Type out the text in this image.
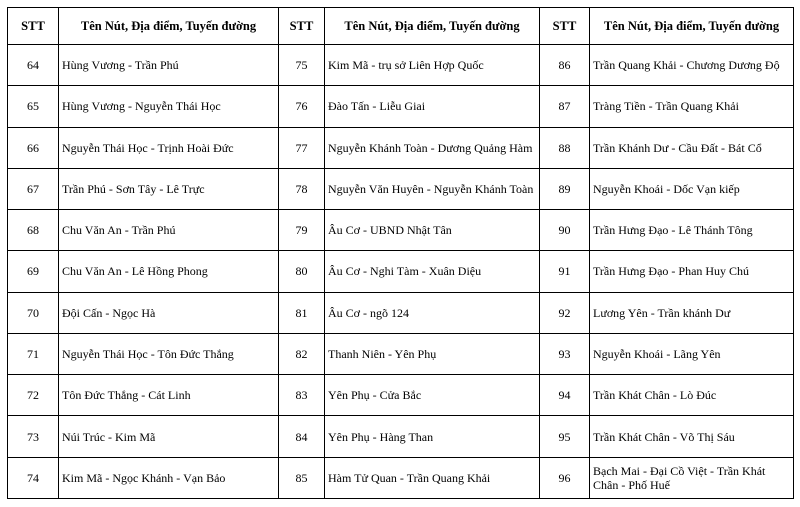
STT	Tên Nút, Địa điểm, Tuyến đường	STT	Tên Nút, Địa điểm, Tuyến đường	STT	Tên Nút, Địa điểm, Tuyến đường
64	Hùng Vương - Trần Phú	75	Kim Mã - trụ sở Liên Hợp Quốc	86	Trần Quang Khải - Chương Dương Độ
65	Hùng Vương - Nguyễn Thái Học	76	Đào Tấn - Liễu Giai	87	Tràng Tiền - Trần Quang Khải
66	Nguyễn Thái Học - Trịnh Hoài Đức	77	Nguyễn Khánh Toàn - Dương Quảng Hàm	88	Trần Khánh Dư - Cầu Đất - Bát Cổ
67	Trần Phú - Sơn Tây - Lê Trực	78	Nguyễn Văn Huyên - Nguyễn Khánh Toàn	89	Nguyễn Khoái - Dốc Vạn kiếp
68	Chu Văn An - Trần Phú	79	Âu Cơ - UBND Nhật Tân	90	Trần Hưng Đạo - Lê Thánh Tông
69	Chu Văn An - Lê Hồng Phong	80	Âu Cơ - Nghi Tàm - Xuân Diệu	91	Trần Hưng Đạo - Phan Huy Chú
70	Đội Cấn - Ngọc Hà	81	Âu Cơ - ngõ 124	92	Lương Yên - Trần khánh Dư
71	Nguyễn Thái Học - Tôn Đức Thắng	82	Thanh Niên - Yên Phụ	93	Nguyễn Khoái - Lãng Yên
72	Tôn Đức Thắng - Cát Linh	83	Yên Phụ - Cửa Bắc	94	Trần Khát Chân - Lò Đúc
73	Núi Trúc - Kim Mã	84	Yên Phụ - Hàng Than	95	Trần Khát Chân - Võ Thị Sáu
74	Kim Mã - Ngọc Khánh - Vạn Bảo	85	Hàm Tử Quan - Trần Quang Khải	96	Bạch Mai - Đại Cồ Việt - Trần Khát Chân - Phố Huế
